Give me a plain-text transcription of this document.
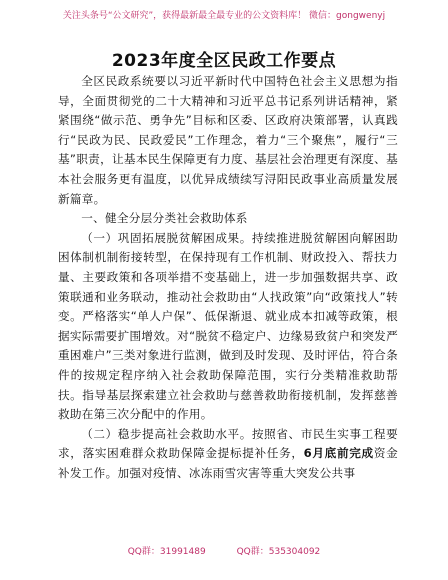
关注头条号“公文研究”，获得最新最全最专业的公文资料库！ 微信：gongwenyj
2023年度全区民政工作要点

全区民政系统要以习近平新时代中国特色社会主义思想为指导，全面贯彻党的二十大精神和习近平总书记系列讲话精神，紧紧围绕“做示范、勇争先”目标和区委、区政府决策部署，认真践行“民政为民、民政爱民”工作理念，着力“三个聚焦”，履行“三基”职责，让基本民生保障更有力度、基层社会治理更有深度、基本社会服务更有温度，以优异成绩续写浔阳民政事业高质量发展新篇章。

一、健全分层分类社会救助体系

（一）巩固拓展脱贫解困成果。持续推进脱贫解困向解困助困体制机制衔接转型，在保持现有工作机制、财政投入、帮扶力量、主要政策和各项举措不变基础上，进一步加强数据共享、政策联通和业务联动，推动社会救助由“人找政策”向“政策找人”转变。严格落实“单人户保”、低保渐退、就业成本扣减等政策，根据实际需要扩围增效。对“脱贫不稳定户、边缘易致贫户和突发严重困难户”三类对象进行监测，做到及时发现、及时评估，符合条件的按规定程序纳入社会救助保障范围，实行分类精准救助帮扶。指导基层探索建立社会救助与慈善救助衔接机制，发挥慈善救助在第三次分配中的作用。

（二）稳步提高社会救助水平。按照省、市民生实事工程要求，落实困难群众救助保障金提标提补任务，6月底前完成资金补发工作。加强对疫情、冰冻雨雪灾害等重大突发公共事

QQ群：31991489	QQ群：535304092
